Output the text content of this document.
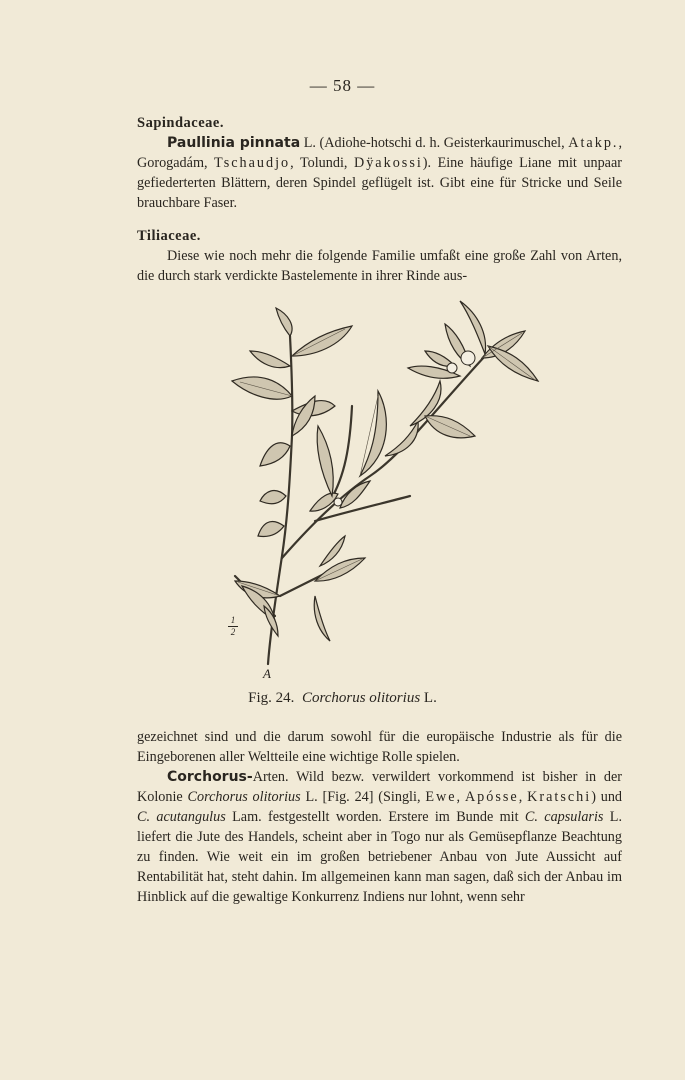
— 58 —

Sapindaceae.

Paullinia pinnata L. (Adiohe-hotschi d. h. Geisterkaurimuschel, Atakp., Gorogadám, Tschaudjo, Tolundi, Dÿakossi). Eine häufige Liane mit unpaar gefiederterten Blättern, deren Spindel geflügelt ist. Gibt eine für Stricke und Seile brauchbare Faser.

Tiliaceae.

Diese wie noch mehr die folgende Familie umfaßt eine große Zahl von Arten, die durch stark verdickte Bastelemente in ihrer Rinde aus-

1
2
A
Fig. 24. Corchorus olitorius L.

gezeichnet sind und die darum sowohl für die europäische Industrie als für die Eingeborenen aller Weltteile eine wichtige Rolle spielen.

Corchorus-Arten. Wild bezw. verwildert vorkommend ist bisher in der Kolonie Corchorus olitorius L. [Fig. 24] (Singli, Ewe, Apósse, Kratschi) und C. acutangulus Lam. festgestellt worden. Erstere im Bunde mit C. capsularis L. liefert die Jute des Handels, scheint aber in Togo nur als Gemüsepflanze Beachtung zu finden. Wie weit ein im großen betriebener Anbau von Jute Aussicht auf Rentabilität hat, steht dahin. Im allgemeinen kann man sagen, daß sich der Anbau im Hinblick auf die gewaltige Konkurrenz Indiens nur lohnt, wenn sehr
